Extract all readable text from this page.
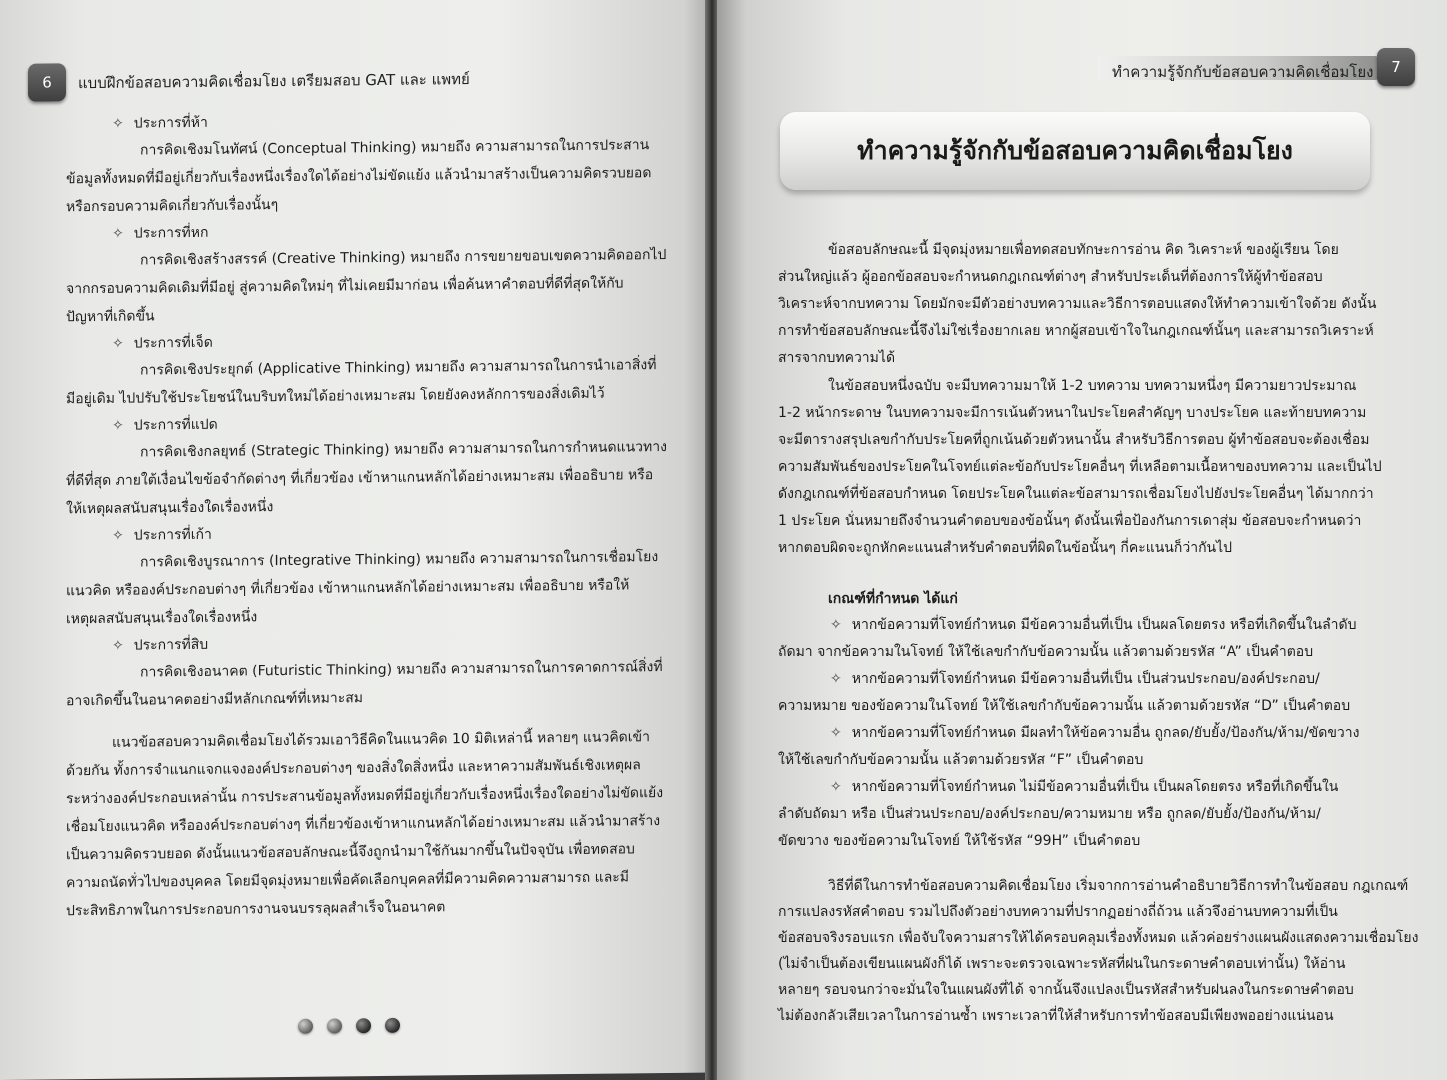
6	แบบฝึกข้อสอบความคิดเชื่อมโยง เตรียมสอบ GAT และ แพทย์
✧ ประการที่ห้า
การคิดเชิงมโนทัศน์ (Conceptual Thinking) หมายถึง ความสามารถในการประสาน
ข้อมูลทั้งหมดที่มีอยู่เกี่ยวกับเรื่องหนึ่งเรื่องใดได้อย่างไม่ขัดแย้ง แล้วนำมาสร้างเป็นความคิดรวบยอด
หรือกรอบความคิดเกี่ยวกับเรื่องนั้นๆ
✧ ประการที่หก
การคิดเชิงสร้างสรรค์ (Creative Thinking) หมายถึง การขยายขอบเขตความคิดออกไป
จากกรอบความคิดเดิมที่มีอยู่ สู่ความคิดใหม่ๆ ที่ไม่เคยมีมาก่อน เพื่อค้นหาคำตอบที่ดีที่สุดให้กับ
ปัญหาที่เกิดขึ้น
✧ ประการที่เจ็ด
การคิดเชิงประยุกต์ (Applicative Thinking) หมายถึง ความสามารถในการนำเอาสิ่งที่
มีอยู่เดิม ไปปรับใช้ประโยชน์ในบริบทใหม่ได้อย่างเหมาะสม โดยยังคงหลักการของสิ่งเดิมไว้
✧ ประการที่แปด
การคิดเชิงกลยุทธ์ (Strategic Thinking) หมายถึง ความสามารถในการกำหนดแนวทาง
ที่ดีที่สุด ภายใต้เงื่อนไขข้อจำกัดต่างๆ ที่เกี่ยวข้อง เข้าหาแกนหลักได้อย่างเหมาะสม เพื่ออธิบาย หรือ
ให้เหตุผลสนับสนุนเรื่องใดเรื่องหนึ่ง
✧ ประการที่เก้า
การคิดเชิงบูรณาการ (Integrative Thinking) หมายถึง ความสามารถในการเชื่อมโยง
แนวคิด หรือองค์ประกอบต่างๆ ที่เกี่ยวข้อง เข้าหาแกนหลักได้อย่างเหมาะสม เพื่ออธิบาย หรือให้
เหตุผลสนับสนุนเรื่องใดเรื่องหนึ่ง
✧ ประการที่สิบ
การคิดเชิงอนาคต (Futuristic Thinking) หมายถึง ความสามารถในการคาดการณ์สิ่งที่
อาจเกิดขึ้นในอนาคตอย่างมีหลักเกณฑ์ที่เหมาะสม
แนวข้อสอบความคิดเชื่อมโยงได้รวมเอาวิธีคิดในแนวคิด 10 มิติเหล่านี้ หลายๆ แนวคิดเข้า
ด้วยกัน ทั้งการจำแนกแจกแจงองค์ประกอบต่างๆ ของสิ่งใดสิ่งหนึ่ง และหาความสัมพันธ์เชิงเหตุผล
ระหว่างองค์ประกอบเหล่านั้น การประสานข้อมูลทั้งหมดที่มีอยู่เกี่ยวกับเรื่องหนึ่งเรื่องใดอย่างไม่ขัดแย้ง
เชื่อมโยงแนวคิด หรือองค์ประกอบต่างๆ ที่เกี่ยวข้องเข้าหาแกนหลักได้อย่างเหมาะสม แล้วนำมาสร้าง
เป็นความคิดรวบยอด ดังนั้นแนวข้อสอบลักษณะนี้จึงถูกนำมาใช้กันมากขึ้นในปัจจุบัน เพื่อทดสอบ
ความถนัดทั่วไปของบุคคล โดยมีจุดมุ่งหมายเพื่อคัดเลือกบุคคลที่มีความคิดความสามารถ และมี
ประสิทธิภาพในการประกอบการงานจนบรรลุผลสำเร็จในอนาคต
ทำความรู้จักกับข้อสอบความคิดเชื่อมโยง	7
ทำความรู้จักกับข้อสอบความคิดเชื่อมโยง
ข้อสอบลักษณะนี้ มีจุดมุ่งหมายเพื่อทดสอบทักษะการอ่าน คิด วิเคราะห์ ของผู้เรียน โดย
ส่วนใหญ่แล้ว ผู้ออกข้อสอบจะกำหนดกฎเกณฑ์ต่างๆ สำหรับประเด็นที่ต้องการให้ผู้ทำข้อสอบ
วิเคราะห์จากบทความ โดยมักจะมีตัวอย่างบทความและวิธีการตอบแสดงให้ทำความเข้าใจด้วย ดังนั้น
การทำข้อสอบลักษณะนี้จึงไม่ใช่เรื่องยากเลย หากผู้สอบเข้าใจในกฎเกณฑ์นั้นๆ และสามารถวิเคราะห์
สารจากบทความได้
ในข้อสอบหนึ่งฉบับ จะมีบทความมาให้ 1-2 บทความ บทความหนึ่งๆ มีความยาวประมาณ
1-2 หน้ากระดาษ ในบทความจะมีการเน้นตัวหนาในประโยคสำคัญๆ บางประโยค และท้ายบทความ
จะมีตารางสรุปเลขกำกับประโยคที่ถูกเน้นด้วยตัวหนานั้น สำหรับวิธีการตอบ ผู้ทำข้อสอบจะต้องเชื่อม
ความสัมพันธ์ของประโยคในโจทย์แต่ละข้อกับประโยคอื่นๆ ที่เหลือตามเนื้อหาของบทความ และเป็นไป
ดังกฎเกณฑ์ที่ข้อสอบกำหนด โดยประโยคในแต่ละข้อสามารถเชื่อมโยงไปยังประโยคอื่นๆ ได้มากกว่า
1 ประโยค นั่นหมายถึงจำนวนคำตอบของข้อนั้นๆ ดังนั้นเพื่อป้องกันการเดาสุ่ม ข้อสอบจะกำหนดว่า
หากตอบผิดจะถูกหักคะแนนสำหรับคำตอบที่ผิดในข้อนั้นๆ กี่คะแนนก็ว่ากันไป
เกณฑ์ที่กำหนด ได้แก่
✧ หากข้อความที่โจทย์กำหนด มีข้อความอื่นที่เป็น เป็นผลโดยตรง หรือที่เกิดขึ้นในลำดับ
ถัดมา จากข้อความในโจทย์ ให้ใช้เลขกำกับข้อความนั้น แล้วตามด้วยรหัส “A” เป็นคำตอบ
✧ หากข้อความที่โจทย์กำหนด มีข้อความอื่นที่เป็น เป็นส่วนประกอบ/องค์ประกอบ/
ความหมาย ของข้อความในโจทย์ ให้ใช้เลขกำกับข้อความนั้น แล้วตามด้วยรหัส “D” เป็นคำตอบ
✧ หากข้อความที่โจทย์กำหนด มีผลทำให้ข้อความอื่น ถูกลด/ยับยั้ง/ป้องกัน/ห้าม/ขัดขวาง
ให้ใช้เลขกำกับข้อความนั้น แล้วตามด้วยรหัส “F” เป็นคำตอบ
✧ หากข้อความที่โจทย์กำหนด ไม่มีข้อความอื่นที่เป็น เป็นผลโดยตรง หรือที่เกิดขึ้นใน
ลำดับถัดมา หรือ เป็นส่วนประกอบ/องค์ประกอบ/ความหมาย หรือ ถูกลด/ยับยั้ง/ป้องกัน/ห้าม/
ขัดขวาง ของข้อความในโจทย์ ให้ใช้รหัส “99H” เป็นคำตอบ
วิธีที่ดีในการทำข้อสอบความคิดเชื่อมโยง เริ่มจากการอ่านคำอธิบายวิธีการทำในข้อสอบ กฎเกณฑ์
การแปลงรหัสคำตอบ รวมไปถึงตัวอย่างบทความที่ปรากฏอย่างถี่ถ้วน แล้วจึงอ่านบทความที่เป็น
ข้อสอบจริงรอบแรก เพื่อจับใจความสารให้ได้ครอบคลุมเรื่องทั้งหมด แล้วค่อยร่างแผนผังแสดงความเชื่อมโยง
(ไม่จำเป็นต้องเขียนแผนผังก็ได้ เพราะจะตรวจเฉพาะรหัสที่ฝนในกระดาษคำตอบเท่านั้น) ให้อ่าน
หลายๆ รอบจนกว่าจะมั่นใจในแผนผังที่ได้ จากนั้นจึงแปลงเป็นรหัสสำหรับฝนลงในกระดาษคำตอบ
ไม่ต้องกลัวเสียเวลาในการอ่านซ้ำ เพราะเวลาที่ให้สำหรับการทำข้อสอบมีเพียงพออย่างแน่นอน
